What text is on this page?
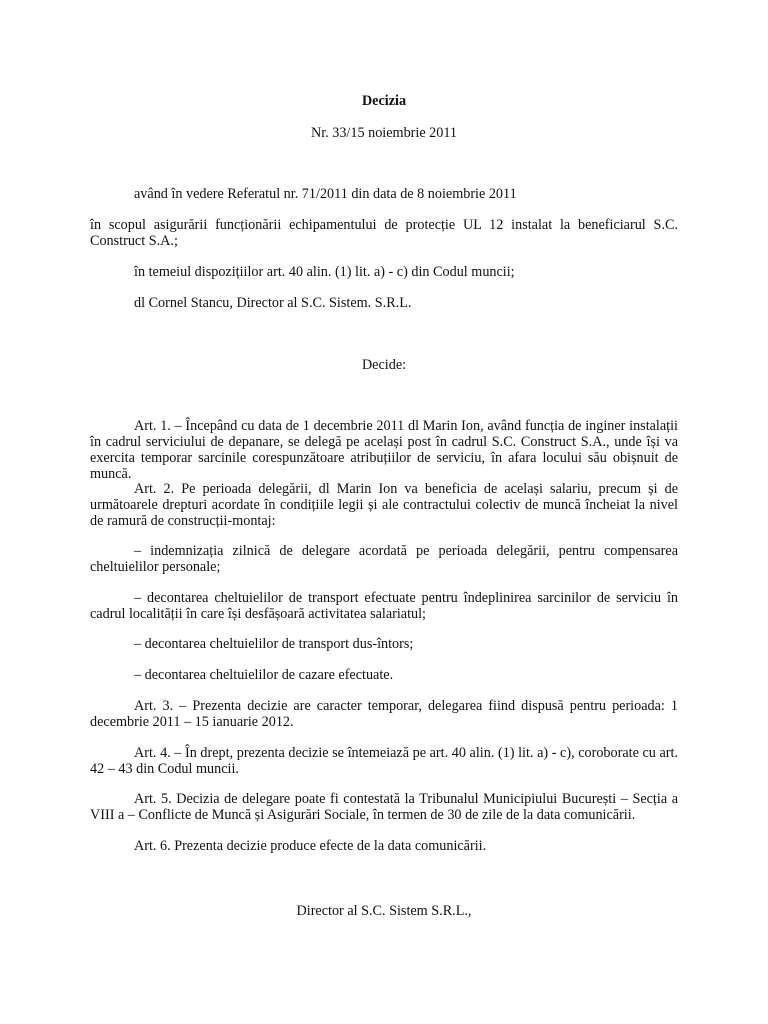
Decizia
Nr. 33/15 noiembrie 2011
având în vedere Referatul nr. 71/2011 din data de 8 noiembrie 2011
în scopul asigurării funcționării echipamentului de protecție UL 12 instalat la beneficiarul S.C. Construct S.A.;
în temeiul dispozițiilor art. 40 alin. (1) lit. a) - c) din Codul muncii;
dl Cornel Stancu, Director al S.C. Sistem. S.R.L.
Decide:
Art. 1. – Începând cu data de 1 decembrie 2011 dl Marin Ion, având funcția de inginer instalații în cadrul serviciului de depanare, se delegă pe același post în cadrul S.C. Construct S.A., unde își va exercita temporar sarcinile corespunzătoare atribuțiilor de serviciu, în afara locului său obișnuit de muncă.
Art. 2. Pe perioada delegării, dl Marin Ion va beneficia de același salariu, precum și de următoarele drepturi acordate în condițiile legii și ale contractului colectiv de muncă încheiat la nivel de ramură de construcții-montaj:
– indemnizația zilnică de delegare acordată pe perioada delegării, pentru compensarea cheltuielilor personale;
– decontarea cheltuielilor de transport efectuate pentru îndeplinirea sarcinilor de serviciu în cadrul localității în care își desfășoară activitatea salariatul;
– decontarea cheltuielilor de transport dus-întors;
– decontarea cheltuielilor de cazare efectuate.
Art. 3. – Prezenta decizie are caracter temporar, delegarea fiind dispusă pentru perioada: 1 decembrie 2011 – 15 ianuarie 2012.
Art. 4. – În drept, prezenta decizie se întemeiază pe art. 40 alin. (1) lit. a) - c), coroborate cu art. 42 – 43 din Codul muncii.
Art. 5. Decizia de delegare poate fi contestată la Tribunalul Municipiului București – Secția a VIII a – Conflicte de Muncă și Asigurări Sociale, în termen de 30 de zile de la data comunicării.
Art. 6. Prezenta decizie produce efecte de la data comunicării.
Director al S.C. Sistem S.R.L.,
